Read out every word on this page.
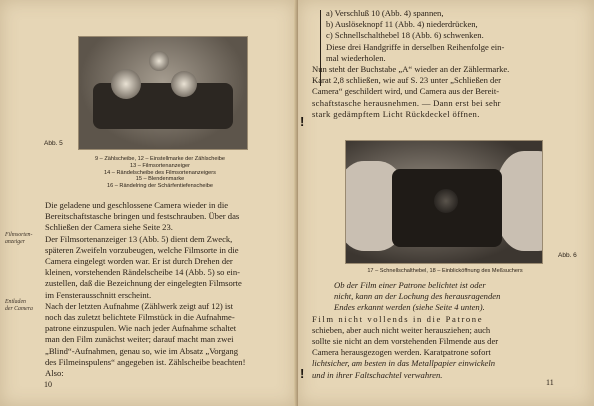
Abb. 5
9 – Zählscheibe, 12 – Einstellmarke der Zählscheibe
13 – Filmsortenanzeiger
14 – Rändelscheibe des Filmsortenanzeigers
15 – Blendenmarke
16 – Rändelring der Schärfentiefenscheibe
Filmsorten-
anzeiger
Entladen
der Camera

Die geladene und geschlossene Camera wieder in die

Bereitschaftstasche bringen und festschrauben. Über das

Schließen der Camera siehe Seite 23.

Der Filmsortenanzeiger 13 (Abb. 5) dient dem Zweck,

späteren Zweifeln vorzubeugen, welche Filmsorte in die

Camera eingelegt worden war. Er ist durch Drehen der

kleinen, vorstehenden Rändelscheibe 14 (Abb. 5) so ein-

zustellen, daß die Bezeichnung der eingelegten Filmsorte

im Fensterausschnitt erscheint.

Nach der letzten Aufnahme (Zählwerk zeigt auf 12) ist

noch das zuletzt belichtete Filmstück in die Aufnahme-

patrone einzuspulen. Wie nach jeder Aufnahme schaltet

man den Film zunächst weiter; darauf macht man zwei

„Blind“-Aufnahmen, genau so, wie im Absatz „Vorgang

des Filmeinspulens“ angegeben ist. Zählscheibe beachten!

Also:

10

a) Verschluß 10 (Abb. 4) spannen,

b) Auslöseknopf 11 (Abb. 4) niederdrücken,

c) Schnellschalthebel 18 (Abb. 6) schwenken.

Diese drei Handgriffe in derselben Reihenfolge ein-

mal wiederholen.

Nun steht der Buchstabe „A“ wieder an der Zählermarke.

Karat 2,8 schließen, wie auf S. 23 unter „Schließen der

Camera“ geschildert wird, und Camera aus der Bereit-

schaftstasche herausnehmen. — Dann erst bei sehr

stark gedämpftem Licht Rückdeckel öffnen.

!
Abb. 6
17 – Schnellschalthebel, 18 – Einblicköffnung des Meßsuchers

Ob der Film einer Patrone belichtet ist oder

nicht, kann an der Lochung des herausragenden

Endes erkannt werden (siehe Seite 4 unten).

Film nicht vollends in die Patrone

schieben, aber auch nicht weiter herausziehen; auch

sollte sie nicht an dem vorstehenden Filmende aus der

Camera herausgezogen werden. Karatpatrone sofort

lichtsicher, am besten in das Metallpapier einwickeln

und in ihrer Faltschachtel verwahren.

!
11
